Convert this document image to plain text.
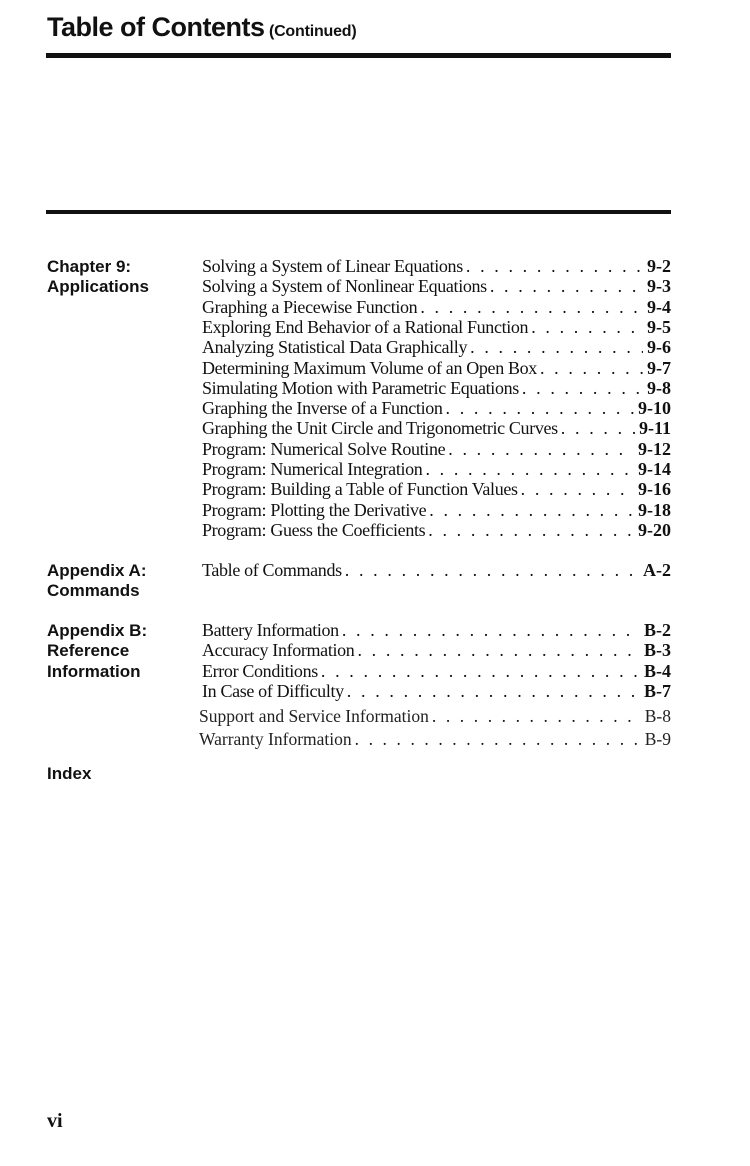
Table of Contents (Continued)
Chapter 9:
Applications
Solving a System of Linear Equations . . .	9-2
Solving a System of Nonlinear Equations . . .	9-3
Graphing a Piecewise Function . . .	9-4
Exploring End Behavior of a Rational Function . . .	9-5
Analyzing Statistical Data Graphically . . .	9-6
Determining Maximum Volume of an Open Box . . .	9-7
Simulating Motion with Parametric Equations . . .	9-8
Graphing the Inverse of a Function . . .	9-10
Graphing the Unit Circle and Trigonometric Curves . . .	9-11
Program: Numerical Solve Routine . . .	9-12
Program: Numerical Integration . . .	9-14
Program: Building a Table of Function Values . . .	9-16
Program: Plotting the Derivative . . .	9-18
Program: Guess the Coefficients . . .	9-20
Appendix A:
Commands
Table of Commands . . .	A-2
Appendix B:
Reference
Information
Battery Information . . .	B-2
Accuracy Information . . .	B-3
Error Conditions . . .	B-4
In Case of Difficulty . . .	B-7
Support and Service Information . . .	B-8
Warranty Information . . .	B-9
Index
vi
